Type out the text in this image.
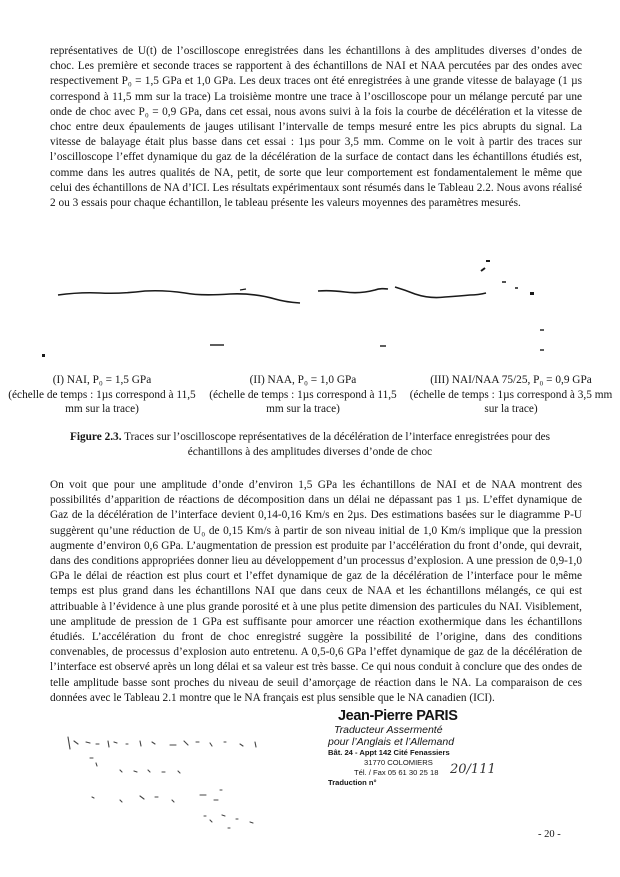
représentatives de U(t) de l’oscilloscope enregistrées dans les échantillons à des amplitudes diverses d’ondes de choc. Les première et seconde traces se rapportent à des échantillons de NAI et NAA percutées par des ondes avec respectivement P₀ = 1,5 GPa et 1,0 GPa. Les deux traces ont été enregistrées à une grande vitesse de balayage (1 µs correspond à 11,5 mm sur la trace) La troisième montre une trace à l’oscilloscope pour un mélange percuté par une onde de choc avec P₀ = 0,9 GPa, dans cet essai, nous avons suivi à la fois la courbe de décélération et la vitesse de choc entre deux épaulements de jauges utilisant l’intervalle de temps mesuré entre les pics abrupts du signal. La vitesse de balayage était plus basse dans cet essai : 1µs pour 3,5 mm. Comme on le voit à partir des traces sur l’oscilloscope l’effet dynamique du gaz de la décélération de la surface de contact dans les échantillons étudiés est, comme dans les autres qualités de NA, petit, de sorte que leur comportement est fondamentalement le même que celui des échantillons de NA d’ICI. Les résultats expérimentaux sont résumés dans le Tableau 2.2. Nous avons réalisé 2 ou 3 essais pour chaque échantillon, le tableau présente les valeurs moyennes des paramètres mesurés.

(I) NAI, P₀ = 1,5 GPa
(échelle de temps : 1µs correspond à 11,5 mm sur la trace)
(II) NAA, P₀ = 1,0 GPa
(échelle de temps : 1µs correspond à 11,5 mm sur la trace)
(III) NAI/NAA 75/25, P₀ = 0,9 GPa
(échelle de temps : 1µs correspond à 3,5 mm sur la trace)
Figure 2.3. Traces sur l’oscilloscope représentatives de la décélération de l’interface enregistrées pour des échantillons à des amplitudes diverses d’onde de choc

On voit que pour une amplitude d’onde d’environ 1,5 GPa les échantillons de NAI et de NAA montrent des possibilités d’apparition de réactions de décomposition dans un délai ne dépassant pas 1 µs. L’effet dynamique de Gaz de la décélération de l’interface devient 0,14-0,16 Km/s en 2µs. Des estimations basées sur le diagramme P-U suggèrent qu’une réduction de U₀ de 0,15 Km/s à partir de son niveau initial de 1,0 Km/s implique que la pression augmente d’environ 0,6 GPa. L’augmentation de pression est produite par l’accélération du front d’onde, qui devrait, dans des conditions appropriées donner lieu au développement d’un processus d’explosion. A une pression de 0,9-1,0 GPa le délai de réaction est plus court et l’effet dynamique de gaz de la décélération de l’interface pour le même temps est plus grand dans les échantillons NAI que dans ceux de NAA et les échantillons mélangés, ce qui est attribuable à l’évidence à une plus grande porosité et à une plus petite dimension des particules du NAI. Visiblement, une amplitude de pression de 1 GPa est suffisante pour amorcer une réaction exothermique dans les échantillons étudiés. L’accélération du front de choc enregistré suggère la possibilité de l’origine, dans des conditions convenables, de processus d’explosion auto entretenu. A 0,5-0,6 GPa l’effet dynamique de gaz de la décélération de l’interface est observé après un long délai et sa valeur est très basse. Ce qui nous conduit à conclure que des ondes de telle amplitude basse sont proches du niveau de seuil d’amorçage de réaction dans le NA. La comparaison de ces données avec le Tableau 2.1 montre que le NA français est plus sensible que le NA canadien (ICI).

Jean-Pierre PARIS
Traducteur Assermenté
pour l’Anglais et l’Allemand
Bât. 24 - Appt 142 Cité Fenassiers
31770 COLOMIERS
Tél. / Fax 05 61 30 25 18
Traduction n°
20/111
- 20 -
